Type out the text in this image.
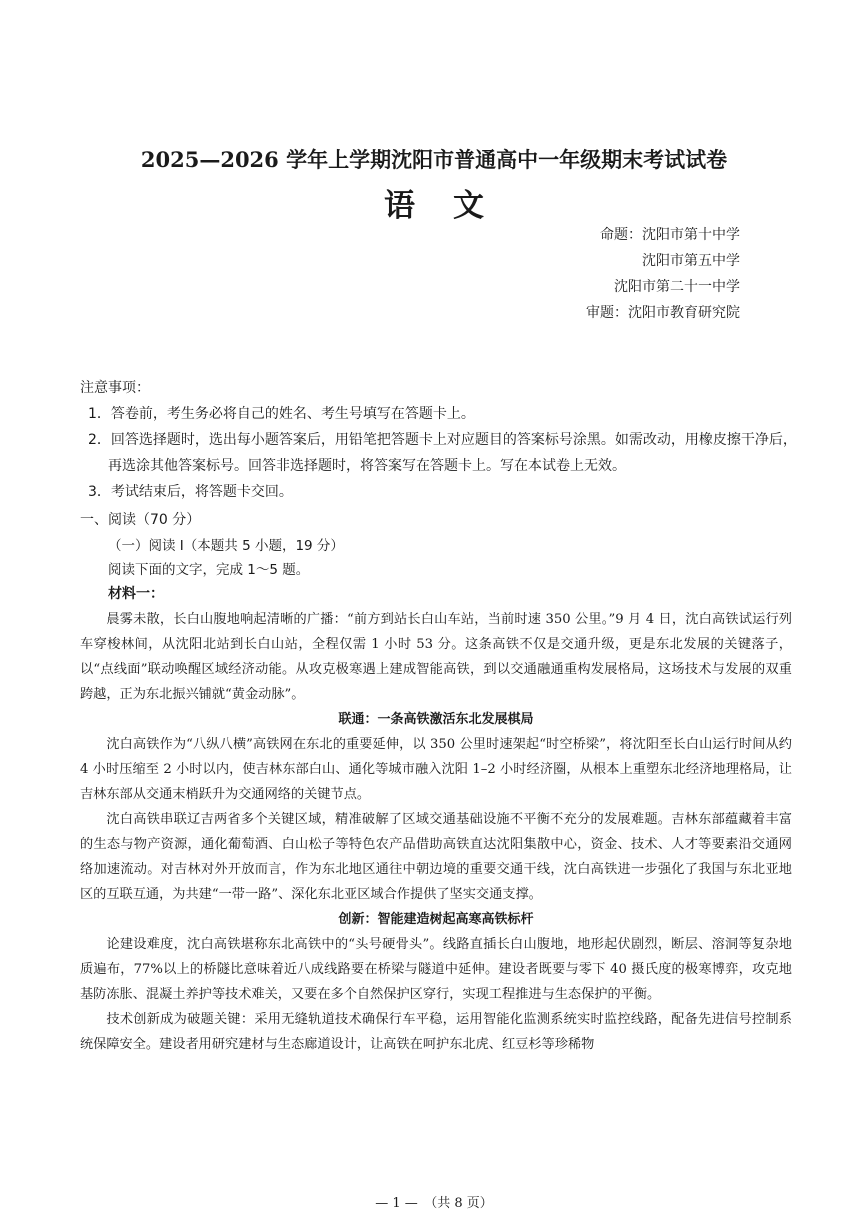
2025—2026 学年上学期沈阳市普通高中一年级期末考试试卷
语文
命题：沈阳市第十中学
沈阳市第五中学
沈阳市第二十一中学
审题：沈阳市教育研究院
注意事项：
1．答卷前，考生务必将自己的姓名、考生号填写在答题卡上。
2．回答选择题时，选出每小题答案后，用铅笔把答题卡上对应题目的答案标号涂黑。如需改动，用橡皮擦干净后，再选涂其他答案标号。回答非选择题时，将答案写在答题卡上。写在本试卷上无效。
3．考试结束后，将答题卡交回。
一、阅读（70 分）
（一）阅读 I（本题共 5 小题，19 分）
阅读下面的文字，完成 1～5 题。
材料一：

晨雾未散，长白山腹地响起清晰的广播：“前方到站长白山车站，当前时速 350 公里。”9 月 4 日，沈白高铁试运行列车穿梭林间，从沈阳北站到长白山站，全程仅需 1 小时 53 分。这条高铁不仅是交通升级，更是东北发展的关键落子，以“点线面”联动唤醒区域经济动能。从攻克极寒遇上建成智能高铁，到以交通融通重构发展格局，这场技术与发展的双重跨越，正为东北振兴铺就“黄金动脉”。

联通：一条高铁激活东北发展棋局

沈白高铁作为“八纵八横”高铁网在东北的重要延伸，以 350 公里时速架起“时空桥梁”，将沈阳至长白山运行时间从约 4 小时压缩至 2 小时以内，使吉林东部白山、通化等城市融入沈阳 1–2 小时经济圈，从根本上重塑东北经济地理格局，让吉林东部从交通末梢跃升为交通网络的关键节点。

沈白高铁串联辽吉两省多个关键区域，精准破解了区域交通基础设施不平衡不充分的发展难题。吉林东部蕴藏着丰富的生态与物产资源，通化葡萄酒、白山松子等特色农产品借助高铁直达沈阳集散中心，资金、技术、人才等要素沿交通网络加速流动。对吉林对外开放而言，作为东北地区通往中朝边境的重要交通干线，沈白高铁进一步强化了我国与东北亚地区的互联互通，为共建“一带一路”、深化东北亚区域合作提供了坚实交通支撑。

创新：智能建造树起高寒高铁标杆

论建设难度，沈白高铁堪称东北高铁中的“头号硬骨头”。线路直插长白山腹地，地形起伏剧烈，断层、溶洞等复杂地质遍布，77%以上的桥隧比意味着近八成线路要在桥梁与隧道中延伸。建设者既要与零下 40 摄氏度的极寒博弈，攻克地基防冻胀、混凝土养护等技术难关，又要在多个自然保护区穿行，实现工程推进与生态保护的平衡。

技术创新成为破题关键：采用无缝轨道技术确保行车平稳，运用智能化监测系统实时监控线路，配备先进信号控制系统保障安全。建设者用研究建材与生态廊道设计，让高铁在呵护东北虎、红豆杉等珍稀物

— 1 —　（共 8 页）
